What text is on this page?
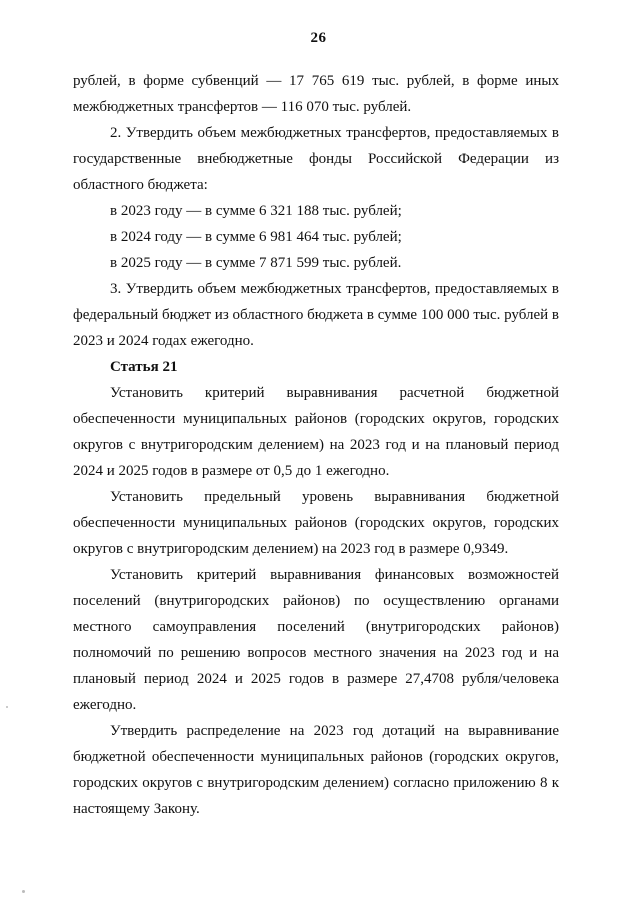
26

рублей, в форме субвенций — 17 765 619 тыс. рублей, в форме иных межбюджетных трансфертов — 116 070 тыс. рублей.

2. Утвердить объем межбюджетных трансфертов, предоставляемых в государственные внебюджетные фонды Российской Федерации из областного бюджета:

в 2023 году — в сумме 6 321 188 тыс. рублей;

в 2024 году — в сумме 6 981 464 тыс. рублей;

в 2025 году — в сумме 7 871 599 тыс. рублей.

3. Утвердить объем межбюджетных трансфертов, предоставляемых в федеральный бюджет из областного бюджета в сумме 100 000 тыс. рублей в 2023 и 2024 годах ежегодно.

Статья 21

Установить критерий выравнивания расчетной бюджетной обеспеченности муниципальных районов (городских округов, городских округов с внутригородским делением) на 2023 год и на плановый период 2024 и 2025 годов в размере от 0,5 до 1 ежегодно.

Установить предельный уровень выравнивания бюджетной обеспеченности муниципальных районов (городских округов, городских округов с внутригородским делением) на 2023 год в размере 0,9349.

Установить критерий выравнивания финансовых возможностей поселений (внутригородских районов) по осуществлению органами местного самоуправления поселений (внутригородских районов) полномочий по решению вопросов местного значения на 2023 год и на плановый период 2024 и 2025 годов в размере 27,4708 рубля/человека ежегодно.

Утвердить распределение на 2023 год дотаций на выравнивание бюджетной обеспеченности муниципальных районов (городских округов, городских округов с внутригородским делением) согласно приложению 8 к настоящему Закону.
